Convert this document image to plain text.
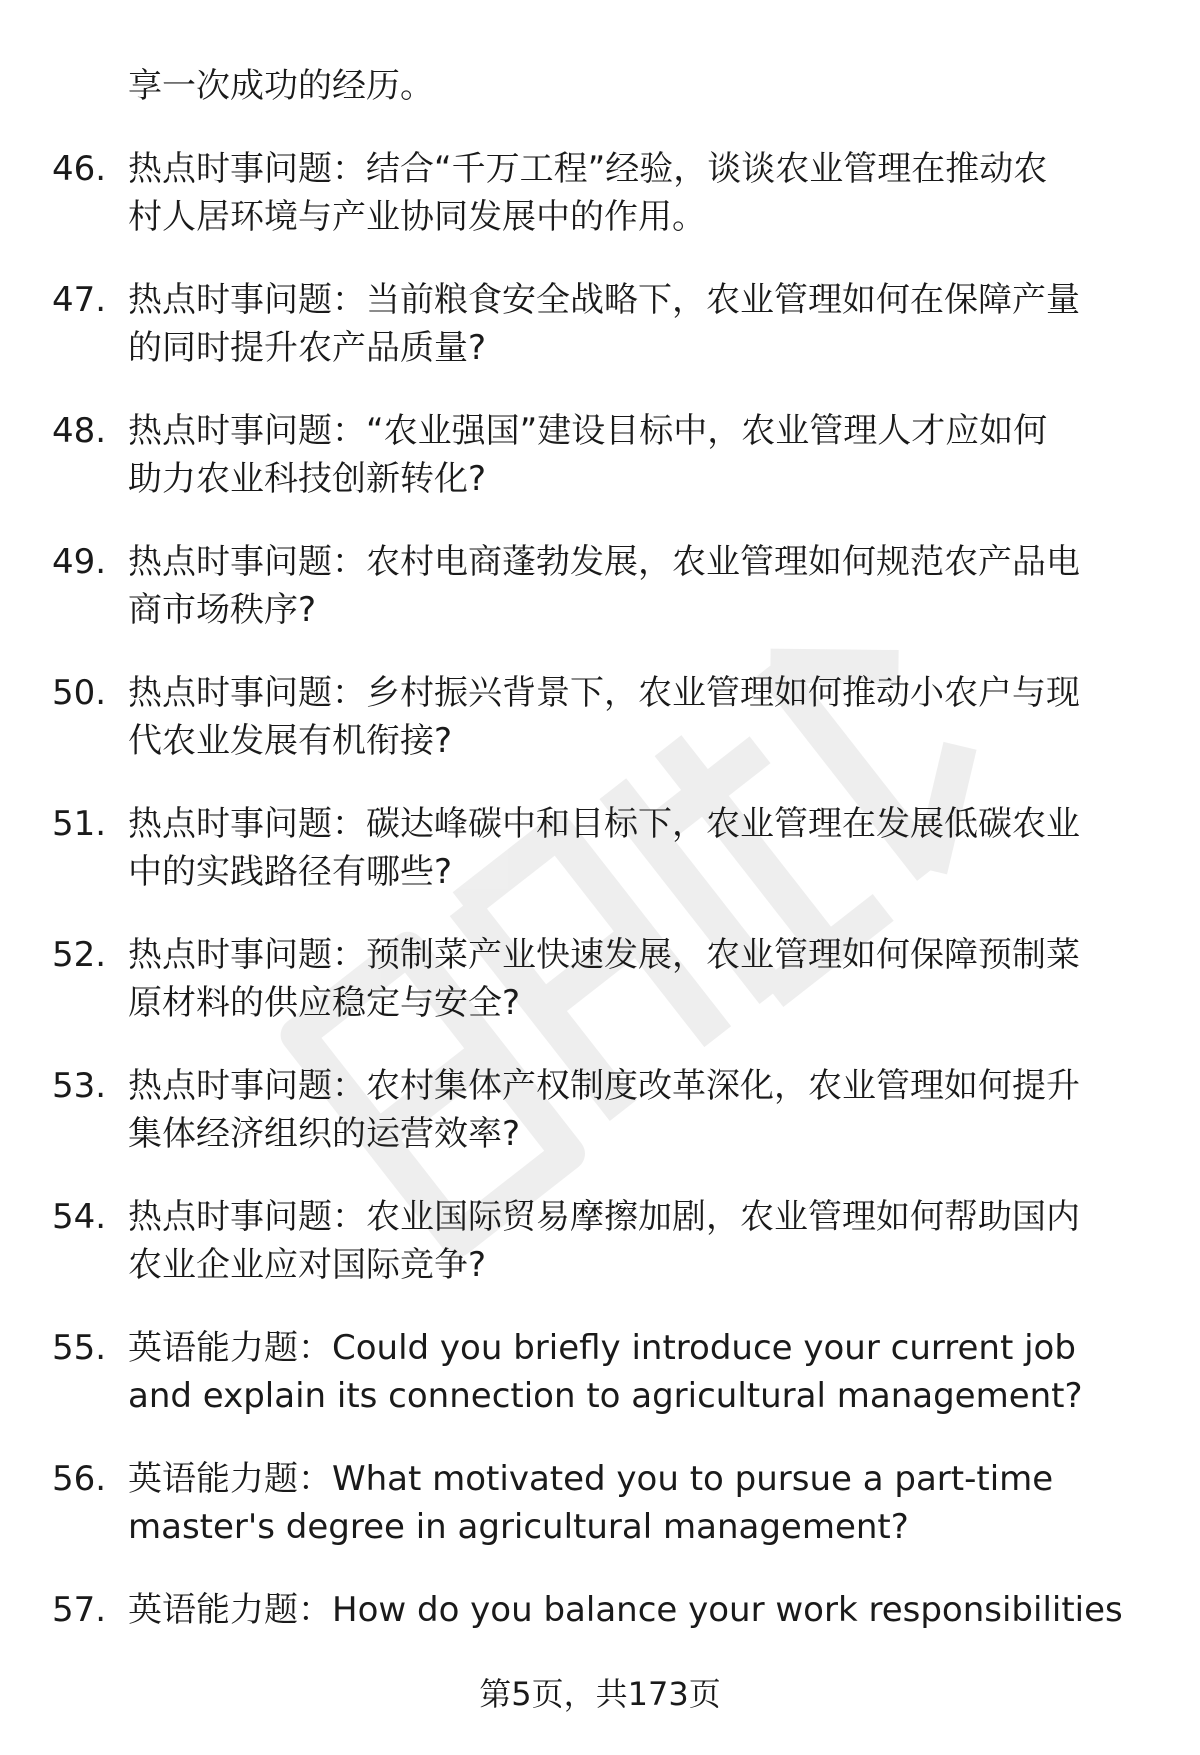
享一次成功的经历。
46. 热点时事问题：结合“千万工程”经验，谈谈农业管理在推动农
村人居环境与产业协同发展中的作用。
47. 热点时事问题：当前粮食安全战略下，农业管理如何在保障产量
的同时提升农产品质量?
48. 热点时事问题：“农业强国”建设目标中，农业管理人才应如何
助力农业科技创新转化?
49. 热点时事问题：农村电商蓬勃发展，农业管理如何规范农产品电
商市场秩序?
50. 热点时事问题：乡村振兴背景下，农业管理如何推动小农户与现
代农业发展有机衔接?
51. 热点时事问题：碳达峰碳中和目标下，农业管理在发展低碳农业
中的实践路径有哪些?
52. 热点时事问题：预制菜产业快速发展，农业管理如何保障预制菜
原材料的供应稳定与安全?
53. 热点时事问题：农村集体产权制度改革深化，农业管理如何提升
集体经济组织的运营效率?
54. 热点时事问题：农业国际贸易摩擦加剧，农业管理如何帮助国内
农业企业应对国际竞争?
55. 英语能力题：Could you briefly introduce your current job
and explain its connection to agricultural management?
56. 英语能力题：What motivated you to pursue a part-time
master's degree in agricultural management?
57. 英语能力题：How do you balance your work responsibilities
第5页，共173页
